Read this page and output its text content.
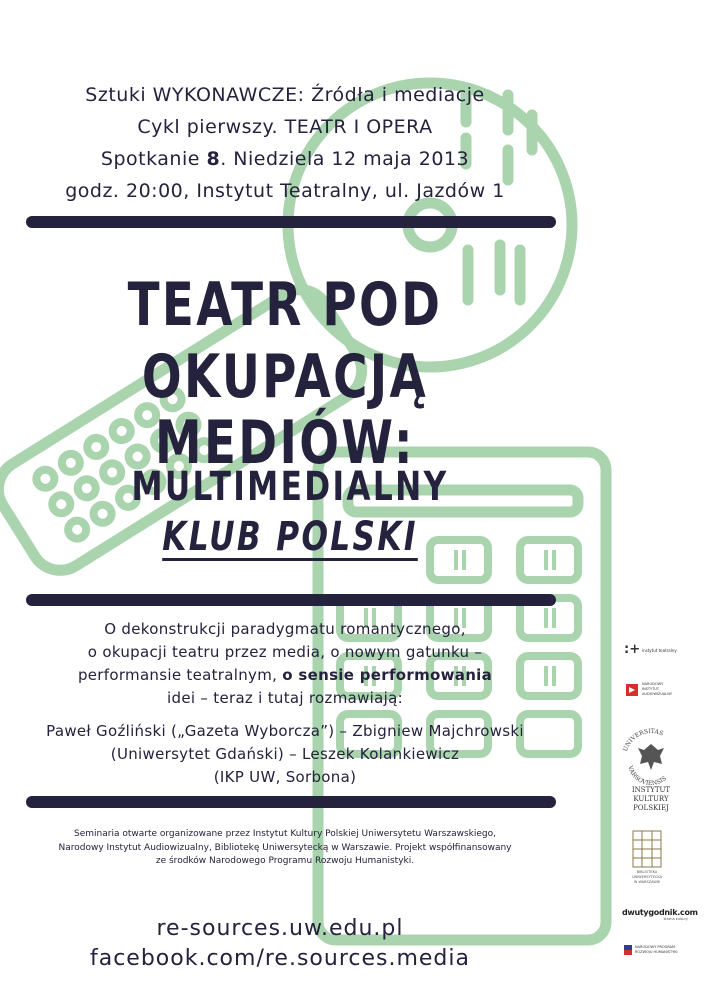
Sztuki WYKONAWCZE: Źródła i mediacje
Cykl pierwszy. TEATR I OPERA
Spotkanie 8. Niedziela 12 maja 2013
godz. 20:00, Instytut Teatralny, ul. Jazdów 1
TEATR POD
OKUPACJĄ MEDIÓW:
MULTIMEDIALNY
KLUB POLSKI
O dekonstrukcji paradygmatu romantycznego,
o okupacji teatru przez media, o nowym gatunku –
performansie teatralnym, o sensie performowania
idei – teraz i tutaj rozmawiają:
Paweł Goźliński („Gazeta Wyborcza”) – Zbigniew Majchrowski
(Uniwersytet Gdański) – Leszek Kolankiewicz
(IKP UW, Sorbona)
Seminaria otwarte organizowane przez Instytut Kultury Polskiej Uniwersytetu Warszawskiego,
Narodowy Instytut Audiowizualny, Bibliotekę Uniwersytecką w Warszawie. Projekt współfinansowany
ze środków Narodowego Programu Rozwoju Humanistyki.
re-sources.uw.edu.pl
facebook.com/re.sources.media
:+ instytut teatralny
NARODOWY
INSTYTUT
AUDIOWIZUALNY
UNIVERSITAS
VARSOVIENSIS
INSTYTUT
KULTURY
POLSKIEJ
BIBLIOTEKA
UNIWERSYTECKA
W WARSZAWIE
dwutygodnik.com
strona kultury
NARODOWY PROGRAM
ROZWOJU HUMANISTYKI
